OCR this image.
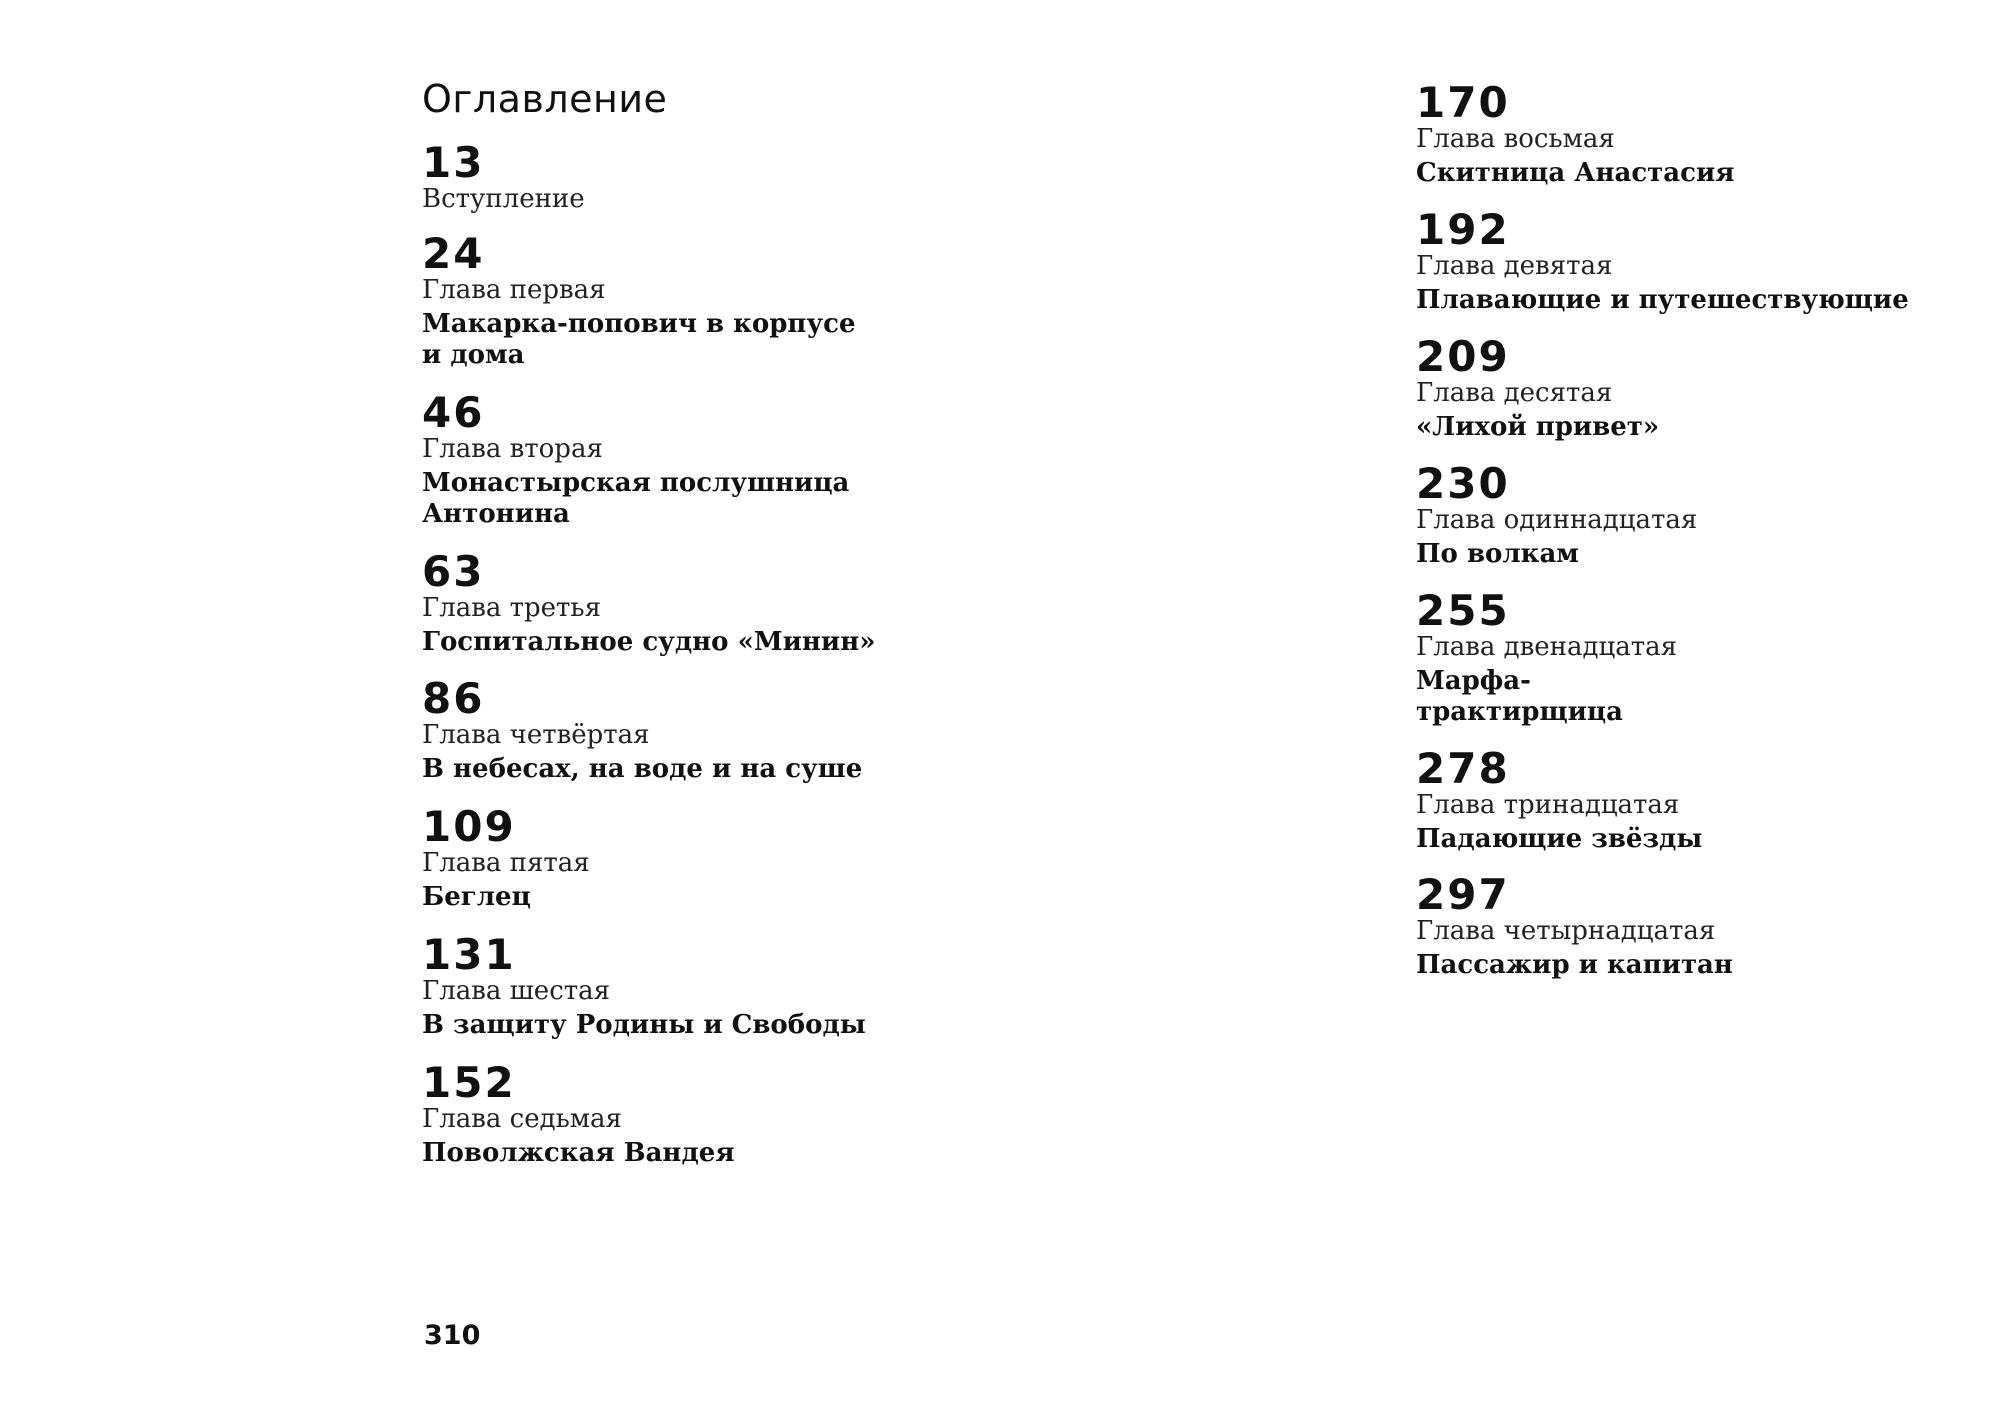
Оглавление
13
Вступление
24
Глава первая
Макарка-попович в корпусе
и дома
46
Глава вторая
Монастырская послушница
Антонина
63
Глава третья
Госпитальное судно «Минин»
86
Глава четвёртая
В небесах, на воде и на суше
109
Глава пятая
Беглец
131
Глава шестая
В защиту Родины и Свободы
152
Глава седьмая
Поволжская Вандея
170
Глава восьмая
Скитница Анастасия
192
Глава девятая
Плавающие и путешествующие
209
Глава десятая
«Лихой привет»
230
Глава одиннадцатая
По волкам
255
Глава двенадцатая
Марфа-
трактирщица
278
Глава тринадцатая
Падающие звёзды
297
Глава четырнадцатая
Пассажир и капитан
310
